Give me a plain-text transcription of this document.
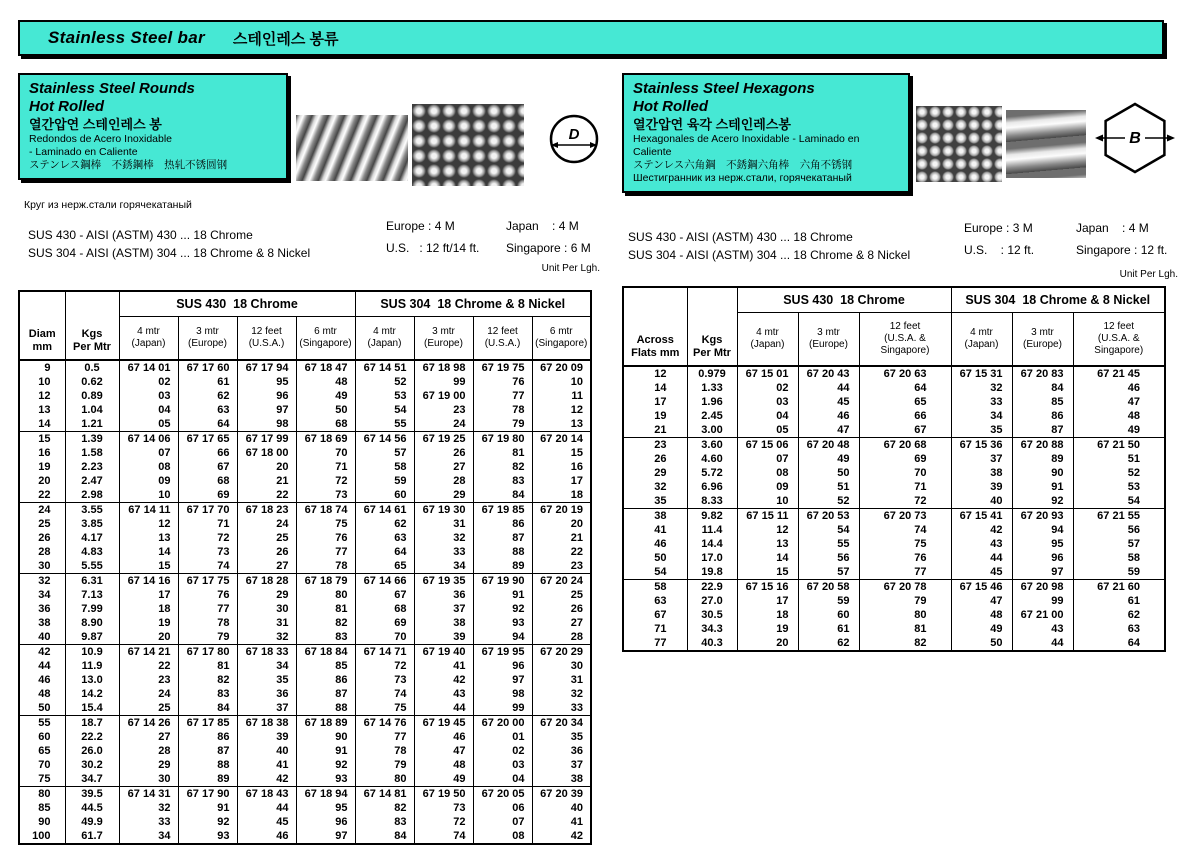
Stainless Steel bar 스테인레스 봉류
Stainless Steel Rounds
Hot Rolled
열간압연 스테인레스 봉
Redondos de Acero Inoxidable
- Laminado en Caliente
ステンレス鋼棒　不銹鋼棒　热轧不锈圆钢
Круг из нерж.стали горячекатаный
D
SUS 430 - AISI (ASTM) 430 ... 18 Chrome
SUS 304 - AISI (ASTM) 304 ... 18 Chrome & 8 Nickel
Europe : 4 M	Japan    : 4 M
U.S.   : 12 ft/14 ft.	Singapore : 6 M
Unit Per Lgh.
Diam
mm	Kgs
Per Mtr	SUS 430  18 Chrome				SUS 304  18 Chrome & 8 Nickel			
		4 mtr
(Japan)	3 mtr
(Europe)	12 feet
(U.S.A.)	6 mtr
(Singapore)	4 mtr
(Japan)	3 mtr
(Europe)	12 feet
(U.S.A.)	6 mtr
(Singapore)
9	0.5	67 14 01	67 17 60	67 17 94	67 18 47	67 14 51	67 18 98	67 19 75	67 20 09
10	0.62	02	61	95	48	52	99	76	10
12	0.89	03	62	96	49	53	67 19 00	77	11
13	1.04	04	63	97	50	54	23	78	12
14	1.21	05	64	98	68	55	24	79	13
15	1.39	67 14 06	67 17 65	67 17 99	67 18 69	67 14 56	67 19 25	67 19 80	67 20 14
16	1.58	07	66	67 18 00	70	57	26	81	15
19	2.23	08	67	20	71	58	27	82	16
20	2.47	09	68	21	72	59	28	83	17
22	2.98	10	69	22	73	60	29	84	18
24	3.55	67 14 11	67 17 70	67 18 23	67 18 74	67 14 61	67 19 30	67 19 85	67 20 19
25	3.85	12	71	24	75	62	31	86	20
26	4.17	13	72	25	76	63	32	87	21
28	4.83	14	73	26	77	64	33	88	22
30	5.55	15	74	27	78	65	34	89	23
32	6.31	67 14 16	67 17 75	67 18 28	67 18 79	67 14 66	67 19 35	67 19 90	67 20 24
34	7.13	17	76	29	80	67	36	91	25
36	7.99	18	77	30	81	68	37	92	26
38	8.90	19	78	31	82	69	38	93	27
40	9.87	20	79	32	83	70	39	94	28
42	10.9	67 14 21	67 17 80	67 18 33	67 18 84	67 14 71	67 19 40	67 19 95	67 20 29
44	11.9	22	81	34	85	72	41	96	30
46	13.0	23	82	35	86	73	42	97	31
48	14.2	24	83	36	87	74	43	98	32
50	15.4	25	84	37	88	75	44	99	33
55	18.7	67 14 26	67 17 85	67 18 38	67 18 89	67 14 76	67 19 45	67 20 00	67 20 34
60	22.2	27	86	39	90	77	46	01	35
65	26.0	28	87	40	91	78	47	02	36
70	30.2	29	88	41	92	79	48	03	37
75	34.7	30	89	42	93	80	49	04	38
80	39.5	67 14 31	67 17 90	67 18 43	67 18 94	67 14 81	67 19 50	67 20 05	67 20 39
85	44.5	32	91	44	95	82	73	06	40
90	49.9	33	92	45	96	83	72	07	41
100	61.7	34	93	46	97	84	74	08	42
Stainless Steel Hexagons
Hot Rolled
열간압연 육각 스테인레스봉
Hexagonales de Acero Inoxidable - Laminado en Caliente
ステンレス六角鋼　不銹鋼六角棒　六角不锈钢
Шестигранник из нерж.стали, горячекатаный
B
SUS 430 - AISI (ASTM) 430 ... 18 Chrome
SUS 304 - AISI (ASTM) 304 ... 18 Chrome & 8 Nickel
Europe : 3 M	Japan    : 4 M
U.S.    : 12 ft.	Singapore : 12 ft.
Unit Per Lgh.
Across
Flats mm	Kgs
Per Mtr	SUS 430  18 Chrome			SUS 304  18 Chrome & 8 Nickel		
		4 mtr
(Japan)	3 mtr
(Europe)	12 feet
(U.S.A. &
Singapore)	4 mtr
(Japan)	3 mtr
(Europe)	12 feet
(U.S.A. &
Singapore)
12	0.979	67 15 01	67 20 43	67 20 63	67 15 31	67 20 83	67 21 45
14	1.33	02	44	64	32	84	46
17	1.96	03	45	65	33	85	47
19	2.45	04	46	66	34	86	48
21	3.00	05	47	67	35	87	49
23	3.60	67 15 06	67 20 48	67 20 68	67 15 36	67 20 88	67 21 50
26	4.60	07	49	69	37	89	51
29	5.72	08	50	70	38	90	52
32	6.96	09	51	71	39	91	53
35	8.33	10	52	72	40	92	54
38	9.82	67 15 11	67 20 53	67 20 73	67 15 41	67 20 93	67 21 55
41	11.4	12	54	74	42	94	56
46	14.4	13	55	75	43	95	57
50	17.0	14	56	76	44	96	58
54	19.8	15	57	77	45	97	59
58	22.9	67 15 16	67 20 58	67 20 78	67 15 46	67 20 98	67 21 60
63	27.0	17	59	79	47	99	61
67	30.5	18	60	80	48	67 21 00	62
71	34.3	19	61	81	49	43	63
77	40.3	20	62	82	50	44	64
